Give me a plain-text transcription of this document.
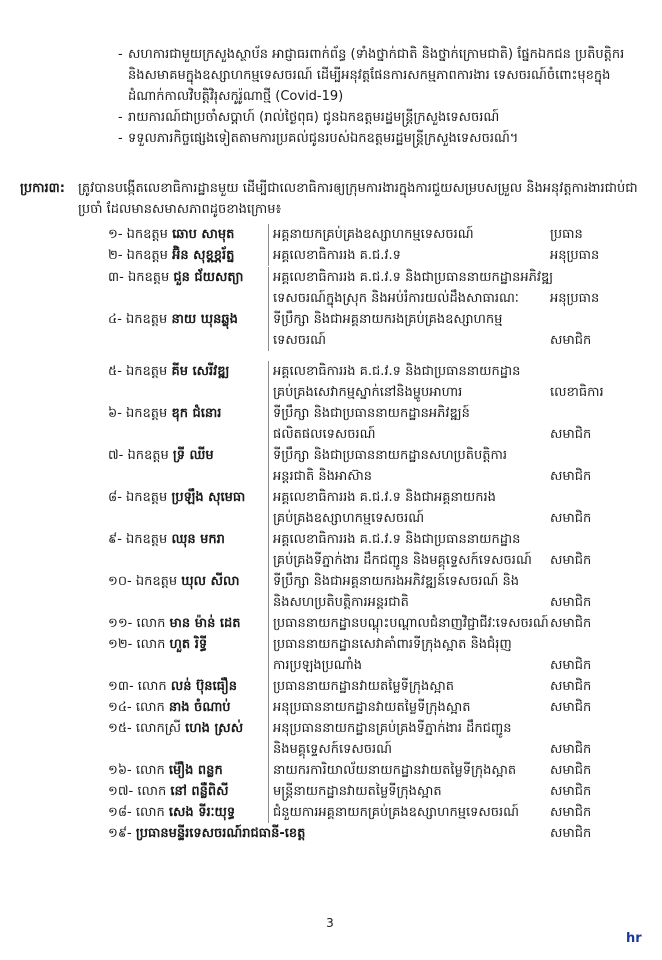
- សហការជាមួយក្រសួងស្ថាប័ន អាជ្ញាធរពាក់ព័ន្ធ (ទាំងថ្នាក់ជាតិ និងថ្នាក់ក្រោមជាតិ) ផ្នែកឯកជន ប្រតិបត្តិករ និងសមាគមក្នុងឧស្សាហកម្មទេសចរណ៍ ដើម្បីអនុវត្តផែនការសកម្មភាពការងារ ទេសចរណ៍ចំពោះមុខក្នុងដំណាក់កាលវិបត្តិវិរុសកូរ៉ូណាថ្មី (Covid-19)
- រាយការណ៍ជាប្រចាំសប្តាហ៍ (រាល់ថ្ងៃពុធ) ជូនឯកឧត្តមរដ្ឋមន្ត្រីក្រសួងទេសចរណ៍
- ទទួលភារកិច្ចផ្សេងទៀតតាមការប្រគល់ជូនរបស់ឯកឧត្តមរដ្ឋមន្ត្រីក្រសួងទេសចរណ៍។
ប្រការ៣: ត្រូវបានបង្កើតលេខាធិការដ្ឋានមួយ ដើម្បីជាលេខាធិការឲ្យក្រុមការងារក្នុងការជួយសម្របសម្រួល និងអនុវត្តការងារជាប់ជាប្រចាំ ដែលមានសមាសភាពដូចខាងក្រោម៖
១- ឯកឧត្តម ឆោប សាមុត	អគ្គនាយកគ្រប់គ្រងឧស្សាហកម្មទេសចរណ៍	ប្រធាន
២- ឯកឧត្តម អ៊ិន សុខខ្ណ្ណរ័ត្ន	អគ្គលេខាធិការរង គ.ជ.វ.ទ	អនុប្រធាន
៣- ឯកឧត្តម ជួន ជ័យសត្យា	អគ្គលេខាធិការរង គ.ជ.វ.ទ និងជាប្រធាននាយកដ្ឋានអភិវឌ្ឍ
ទេសចរណ៍ក្នុងស្រុក និងអប់រំការយល់ដឹងសាធារណៈ	អនុប្រធាន
៤- ឯកឧត្តម នាយ ឃុនឆ្លុង	ទីប្រឹក្សា និងជាអគ្គនាយករងគ្រប់គ្រងឧស្សាហកម្ម
ទេសចរណ៍	សមាជិក
៥- ឯកឧត្តម គីម សេរីវឌ្ឍ	អគ្គលេខាធិការរង គ.ជ.វ.ទ និងជាប្រធាននាយកដ្ឋាន
គ្រប់គ្រងសេវាកម្មស្នាក់នៅនិងម្ហូបអាហារ	លេខាធិការ
៦- ឯកឧត្តម ឌុក ជំនោរ	ទីប្រឹក្សា និងជាប្រធាននាយកដ្ឋានអភិវឌ្ឍន៍
ផលិតផលទេសចរណ៍	សមាជិក
៧- ឯកឧត្តម ទ្រី ឈីម	ទីប្រឹក្សា និងជាប្រធាននាយកដ្ឋានសហប្រតិបត្តិការ
អន្តរជាតិ និងអាស៊ាន	សមាជិក
៨- ឯកឧត្តម ប្រឡឹង សុមេធា	អគ្គលេខាធិការរង គ.ជ.វ.ទ និងជាអគ្គនាយករង
គ្រប់គ្រងឧស្សាហកម្មទេសចរណ៍	សមាជិក
៩- ឯកឧត្តម ឈុន មករា	អគ្គលេខាធិការរង គ.ជ.វ.ទ និងជាប្រធាននាយកដ្ឋាន
គ្រប់គ្រងទីភ្នាក់ងារ ដឹកជញ្ជូន និងមគ្គុទ្ទេសក៍ទេសចរណ៍	សមាជិក
១០- ឯកឧត្តម ឃុល សីលា	ទីប្រឹក្សា និងជាអគ្គនាយករងអភិវឌ្ឍន៍ទេសចរណ៍ និង
និងសហប្រតិបត្តិការអន្តរជាតិ	សមាជិក
១១- លោក មាន ម៉ាន់ ដេត	ប្រធាននាយកដ្ឋានបណ្តុះបណ្តាលជំនាញវិជ្ជាជីវៈទេសចរណ៍ សមាជិក
១២- លោក ហួត រិទ្ធី	ប្រធាននាយកដ្ឋានសេវាគាំពារទីក្រុងស្អាត និងជំរុញ
ការប្រឡងប្រណាំង	សមាជិក
១៣- លោក លន់ ប៊ុនធឿន	ប្រធាននាយកដ្ឋានវាយតម្លៃទីក្រុងស្អាត	សមាជិក
១៤- លោក នាង ចំណាប់	អនុប្រធាននាយកដ្ឋានវាយតម្លៃទីក្រុងស្អាត	សមាជិក
១៥- លោកស្រី ហេង ស្រស់	អនុប្រធាននាយកដ្ឋានគ្រប់គ្រងទីភ្នាក់ងារ ដឹកជញ្ជូន
និងមគ្គុទ្ទេសក៍ទេសចរណ៍	សមាជិក
១៦- លោក ម៉ឿង ពន្លក	នាយករការិយាល័យនាយកដ្ឋានវាយតម្លៃទីក្រុងស្អាត	សមាជិក
១៧- លោក នៅ ពន្លឺពិសី	មន្ត្រីនាយកដ្ឋានវាយតម្លៃទីក្រុងស្អាត	សមាជិក
១៨- លោក សេង ទីរៈយុទ្ធ	ជំនួយការអគ្គនាយកគ្រប់គ្រងឧស្សាហកម្មទេសចរណ៍	សមាជិក
១៩- ប្រធានមន្ទីរទេសចរណ៍រាជធានី-ខេត្ត	សមាជិក
3
hr
